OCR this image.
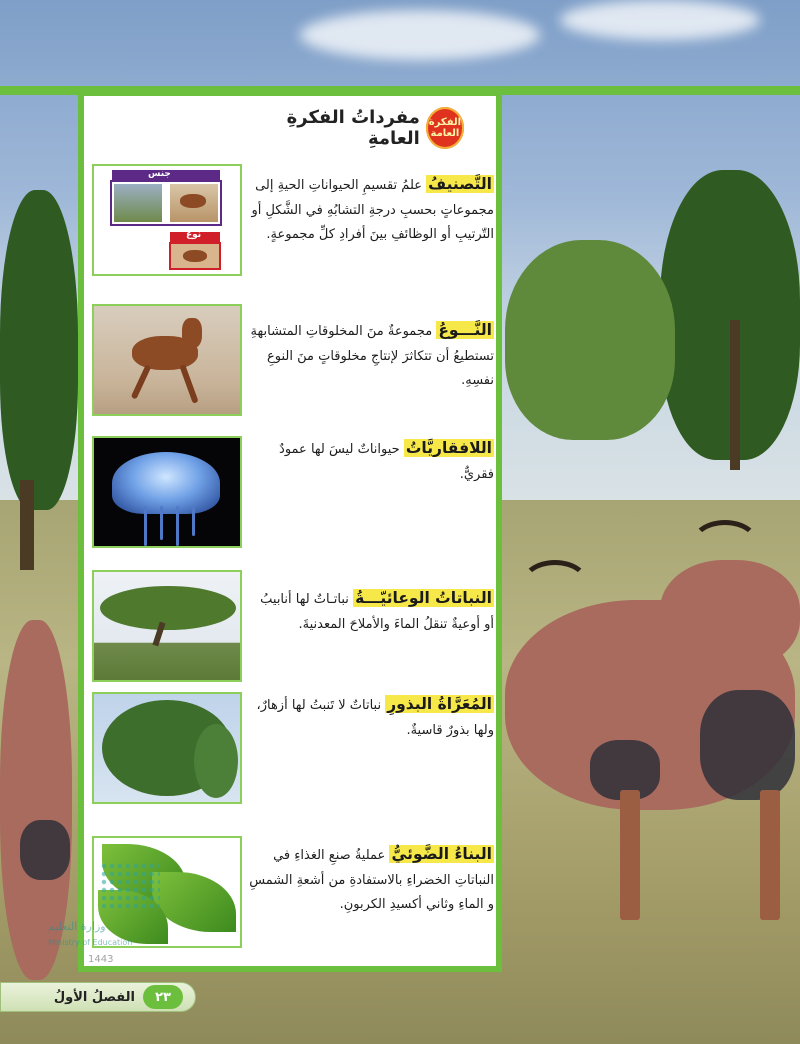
الفكرة العامة
مفرداتُ الفكرةِ العامةِ
التَّصنيفُ علمُ تقسيمِ الحيواناتِ الحيةِ إلى مجموعاتٍ بحسبِ درجةِ التشابُهِ في الشَّكلِ أو التّرتيبِ أو الوظائفِ بينَ أفرادِ كلِّ مجموعةٍ.
جنس
نوع
النَّـــوعُ مجموعةٌ منَ المخلوقاتِ المتشابهةِ تستطيعُ أن تتكاثرَ لإنتاجِ مخلوقاتٍ منَ النوعِ نفسِهِ.
اللافقاريَّاتُ حيواناتٌ ليسَ لها عمودٌ فقريٌّ.
النباتاتُ الوعائيّـــةُ نباتـاتٌ لها أنابيبُ أو أوعيةٌ تنقلُ الماءَ والأملاحَ المعدنيةَ.
المُعَرَّاةُ البذورِ نباتاتٌ لا تَنبتُ لها أزهارٌ، ولها بذورٌ قاسيةٌ.
البناءُ الضَّوئيُّ عمليةُ صنعِ الغذاءِ في النباتاتِ الخضراءِ بالاستفادةِ من أشعةِ الشمسِ و الماءِ وثاني أكسيدِ الكربونِ.
وزارة التعليم
Ministry of Education
1443
٢٣
الفصلُ الأولُ
